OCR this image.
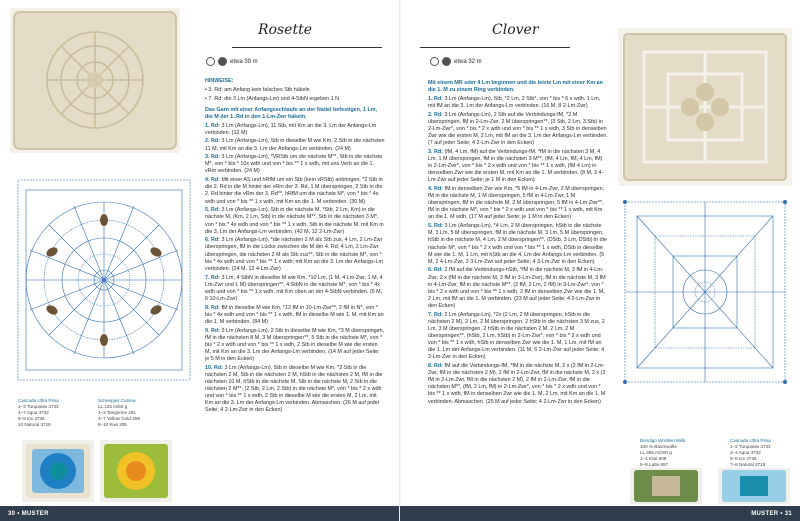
Rosette
etwa 39 m

HINWEISE:

• 3. Rd: am Anfang kein falsches Stb häkeln

• 7. Rd: die 3 Lm (Anfangs-Lm) und 4-StbN ergeben 1 N.

Das Garn mit einer Anfangsschlaufe an der Nadel befestigen, 1 Lm, die M der 1. Rd in den 1-Lm-Zwr häkeln.

1. Rd: 3 Lm (Anfangs-Lm), 11 Stb, mit Km an die 3. Lm der Anfangs-Lm verbinden. (12 M)

2. Rd: 3 Lm (Anfangs-Lm), Stb in dieselbe M wie Km, 2 Stb in die nächsten 11 M, mit Km an die 3. Lm der Anfangs-Lm verbinden. (24 M)

3. Rd: 3 Lm (Anfangs-Lm), *VRStb um die nächste M**, Stb in die nächste M*, von * bis * 10x wdh und von * bis ** 1 x wdh, mit uns Verb an die 1. vRm verbinden. (24 M)

4. Rd: Mit einer AS und hRfM um ein Stb (kein vRStb) anbringen, *2 Stb in die 2. Rd in die M hinter der vRm der 3. Rd, 1 M überspringen, 2 Stb in die 2. Rd hinter die vRm der 3. Rd**, hRfM um die nächste M*, von * bis * 4x wdh und von * bis ** 1 x wdh, mit Km an die 1. M verbinden. (30 M)

5. Rd: 3 Lm (Anfangs-Lm), Stb in die nächste M, *Stb, 2 Lm, Km) in die nächste M, (Km, 2 Lm, Stb) in die nächste M**, Stb in die nächsten 3 M*, von * bis * 4x wdh und von * bis ** 1 x wdh, Stb in die nächste M, mit Km in die 3. Lm der Anfangs-Lm verbinden. (42 M, 12 2-Lm-Zwr)

6. Rd: 3 Lm (Anfangs-Lm), *die nächsten 2 M als Stb zus, 4 Lm, 2 Lm-Zwr überspringen, fM in die Lücke zwischen die M der 4. Rd, 4 Lm, 2 Lm-Zwr überspringen, die nächsten 2 M als Stb zus**, Stb in die nächste M*, von * bis * 4x wdh und von * bis ** 1 x wdh; mit Km an die 3. Lm der Anfangs-Lm verbinden. (24 M, 12 4-Lm-Zwr)

7. Rd: 3 Lm, 4 StbN in dieselbe M wie Km, *10 Lm, (1 M, 4 Lm-Zwr, 1 M, 4 Lm-Zwr und 1 M) überspringen**, 4 StbN in die nächste M*, von * bis * 4x wdh und von * bis ** 1 x wdh, mit Km oben an der 4-StbN verbinden. (6 M, 6 10-Lm-Zwr)

8. Rd: fM in dieselbe M wie Km, *12 fM in 10-Lm-Zwr**, 2 fM in N*, von * bis * 4x wdh und von * bis ** 1 x wdh, fM in dieselbe M wie 1. M, mit Km an die 1. M verbinden. (84 M)

9. Rd: 3 Lm (Anfangs-Lm), 2 Stb in dieselbe M wie Km, *3 M überspringen, fM in die nächsten 8 M, 3 M überspringen**, 5 Stb in die nächste M*, von * bis * 2 x wdh und von * bis ** 1 x wdh, 2 Stb in dieselbe M wie die ersten M, mit Km an die 3. Lm der Anfangs-Lm verbinden. (14 M auf jeder Seite; je 5 M in den Ecken)

10. Rd: 3 Lm (Anfangs-Lm), Stb in dieselbe M wie Km, *2 Stb in die nächsten 2 M, Stb in die nächsten 2 M, hStb in die nächsten 2 M, fM in die nächsten 10 M, hStb in die nächste M, Stb in die nächste M, 2 Stb in die nächsten 2 M**, (2 Stb, 2 Lm, 2 Stb) in die nächste M*, von * bis * 2 x wdh und von * bis ** 1 x wdh, 2 Stb in dieselbe M wie die ersten M, 2 Lm, mit Km an die 3. Lm der Anfangs-Lm verbinden. Abmaschen. (26 M auf jeder Seite; 4 2-Lm-Zwr in den Ecken)

Cascade Ultra Pima
1–3 Turquoise 3733
4–7 Aqua 3732
8–9 Ice 3736
10 Natural 3718
Scheepjes Catona
LL 125 m/50 g
1–3 Tangerine 281
4–7 Yellow Gold 208
8–10 Kiwi 205
30 • MUSTER
Clover
etwa 32 m

Mit einem MR oder 4 Lm beginnen und die letzte Lm mit einer Km an die 1. M zu einem Ring verbinden.

1. Rd: 3 Lm (Anfangs-Lm), Stb, *2 Lm, 2 Stb*, von * bis * 6 x wdh, 1 Lm, mit fM an die 3. Lm der Anfangs-Lm verbinden. (16 M, 8 2-Lm-Zwr)

2. Rd: 3 Lm (Anfangs-Lm), 2 Stb auf die Verbindungs-fM, *2 M überspringen, fM in 2-Lm-Zwr, 2 M überspringen**, (3 Stb, 2 Lm, 3 Stb) in 2-Lm-Zwr*, von * bis * 2 x wdh und von * bis ** 1 x wdh, 3 Stb in denselben Zwr wie die ersten M, 2 Lm, mit fM an die 3. Lm der Anfangs-Lm verbinden. (7 auf jeder Seite; 4 2-Lm-Zwr in den Ecken)

3. Rd: (fM, 4 Lm, fM) auf die Verbindungs-fM, *fM in die nächsten 3 M, 4 Lm, 1 M überspringen, fM in die nächsten 3 M**, (fM, 4 Lm, fM, 4 Lm, fM) in 2-Lm-Zwr*, von * bis * 2 x wdh und von * bis ** 1 x wdh, (fM 4 Lm) in denselben Zwr wie die ersten M, mit Km an die 1. M verbinden. (8 M, 3 4-Lm-Zwr auf jeder Seite; je 1 M in den Ecken)

4. Rd: fM in denselben Zwr wie Km, *5 fM in 4-Lm-Zwr, 2 M überspringen, fM in die nächste M, 1 M überspringen, 5 fM in 4-Lm-Zwr, 1 M überspringen, fM in die nächste M, 2 M überspringen, 5 fM in 4-Lm-Zwr**, fM in die nächste M*, von * bis * 2 x wdh und von * bis ** 1 x wdh, mit Km an die 1. M wdh. (17 M auf jeder Seite; je 1 M in den Ecken)

5. Rd: 3 Lm (Anfangs-Lm), *4 Lm, 2 M überspringen, hStb in die nächste M, 3 Lm, 5 M überspringen, fM in die nächste M, 3 Lm, 5 M überspringen, hStb in die nächste M, 4 Lm, 2 M überspringen**, (DStb, 3 Lm, DStb) in die nächste M*, von * bis * 2 x wdh und von * bis ** 1 x wdh, DStb in dieselbe M wie die 1. M, 1 Lm, mit hStb an die 4. Lm der Anfangs-Lm verbinden. (5 M, 2 4-Lm-Zwr, 2 3-Lm-Zwr auf jeder Seite; 4 3-Lm-Zwr in den Ecken)

6. Rd: 2 fM auf die Verbindungs-hStb, *fM in die nächste M, 3 fM in 4-Lm-Zwr, 2 x (fM in die nächste M, 3 fM in 3-Lm-Zwr), fM in die nächste M, 3 fM in 4-Lm-Zwr, fM in die nächste M**, (2 fM, 2 Lm, 2 fM) in 3-Lm-Zwr*, von * bis * 2 x wdh und von * bis ** 1 x wdh, 2 fM in denselben Zwr wie die 1. M, 2 Lm, mit fM an die 1. M verbinden. (23 M auf jeder Seite; 4 2-Lm-Zwr in den Ecken)

7. Rd: 2 Lm (Anfangs-Lm), *2x (2 Lm, 2 M überspringen, hStb in die nächsten 2 M), 2 Lm, 2 M überspringen, 2 hStb in die nächsten 3 M zus, 2 Lm, 3 M überspringen, 2 hStb in die nächsten 2 M, 2 Lm, 2 M überspringen**, (hStb, 2 Lm, hStb) in 2-Lm-Zwr*, von * bis * 2 x wdh und von * bis ** 1 x wdh, hStb in denselben Zwr wie die 1. M, 1 Lm, mit fM an die 1. Lm der Anfangs-Lm verbinden. (11 M, 6 2-Lm-Zwr auf jeder Seite; 4 2-Lm-Zwr in den Ecken)

8. Rd: fM auf die Verbindungs-fM, *fM in die nächste M, 2 x (2 fM in 2-Lm-Zwr, fM in die nächsten 2 M), 2 fM in 2-Lm-Zwr, fM in die nächste M, 2 x (2 fM in 2-Lm-Zwr, fM in die nächsten 2 M), 2 fM in 2-Lm-Zwr, fM in die nächsten M**, (fM, 2 Lm, fM) in 2-Lm-Zwr*, von * bis * 2 x wdh und von * bis ** 1 x wdh, fM in denselben Zwr wie die 1. M, 2 Lm, mit Km an die 1. M verbinden. Abmaschen. (25 M auf jeder Seite; 4 2-Lm-Zwr in den Ecken)

Bendigo Woollen Mills
100 % Baumwolle
LL 465 m/200 g
1–4 Kiwi 609
5–8 Latte 887
Cascade Ultra Pima
1–2 Turquoise 3733
3–4 Aqua 3732
5–6 Ice 3736
7–8 Natural 3718
MUSTER • 31
